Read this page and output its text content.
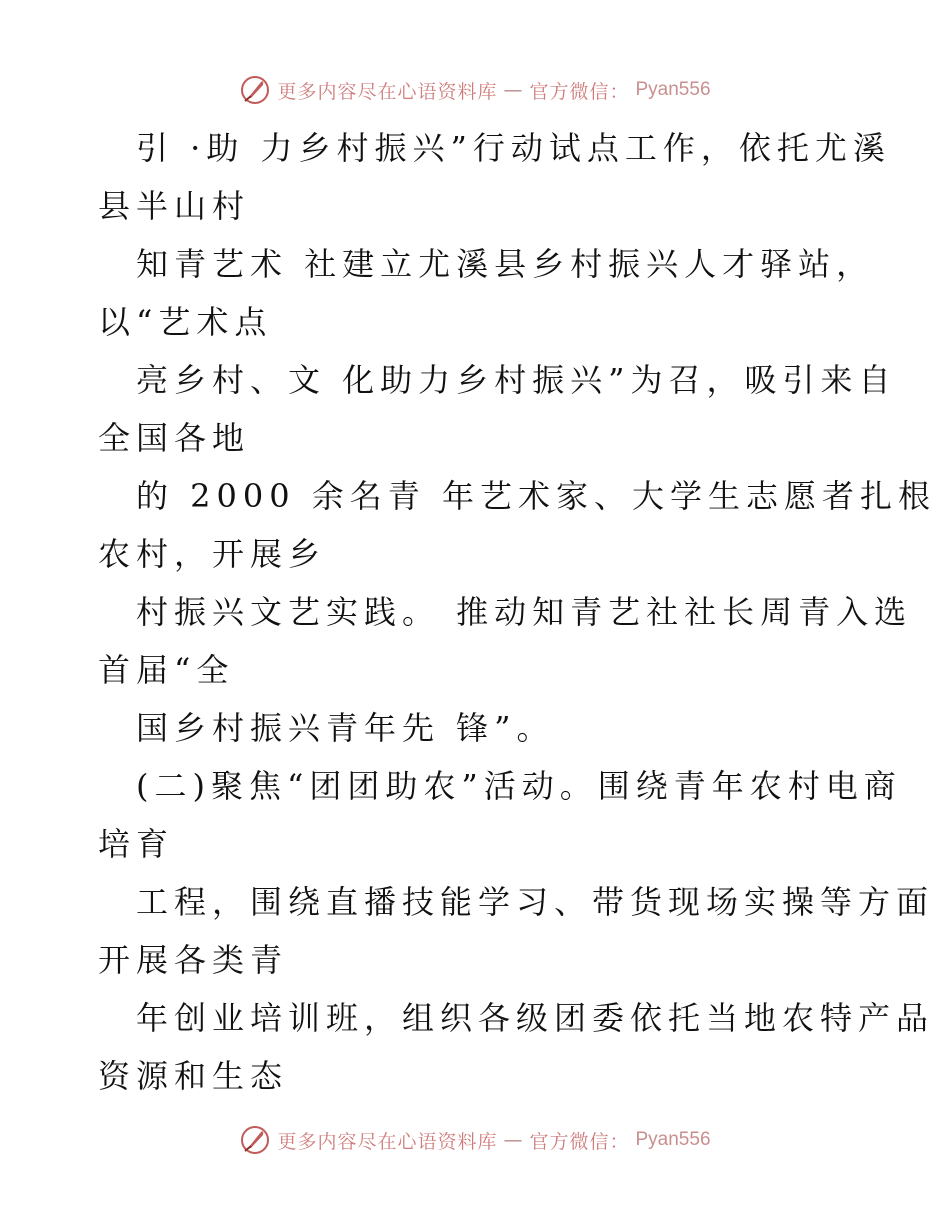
更多内容尽在心语资料库 — 官方微信： Pyan556
引 ·助 力乡村振兴”行动试点工作，依托尤溪
县半山村
知青艺术 社建立尤溪县乡村振兴人才驿站，
以“艺术点
亮乡村、文 化助力乡村振兴”为召，吸引来自
全国各地
的 2000 余名青 年艺术家、大学生志愿者扎根
农村，开展乡
村振兴文艺实践。 推动知青艺社社长周青入选
首届“全
国乡村振兴青年先 锋”。
(二)聚焦“团团助农”活动。围绕青年农村电商
培育
工程，围绕直播技能学习、带货现场实操等方面
开展各类青
年创业培训班，组织各级团委依托当地农特产品
资源和生态
更多内容尽在心语资料库 — 官方微信： Pyan556
